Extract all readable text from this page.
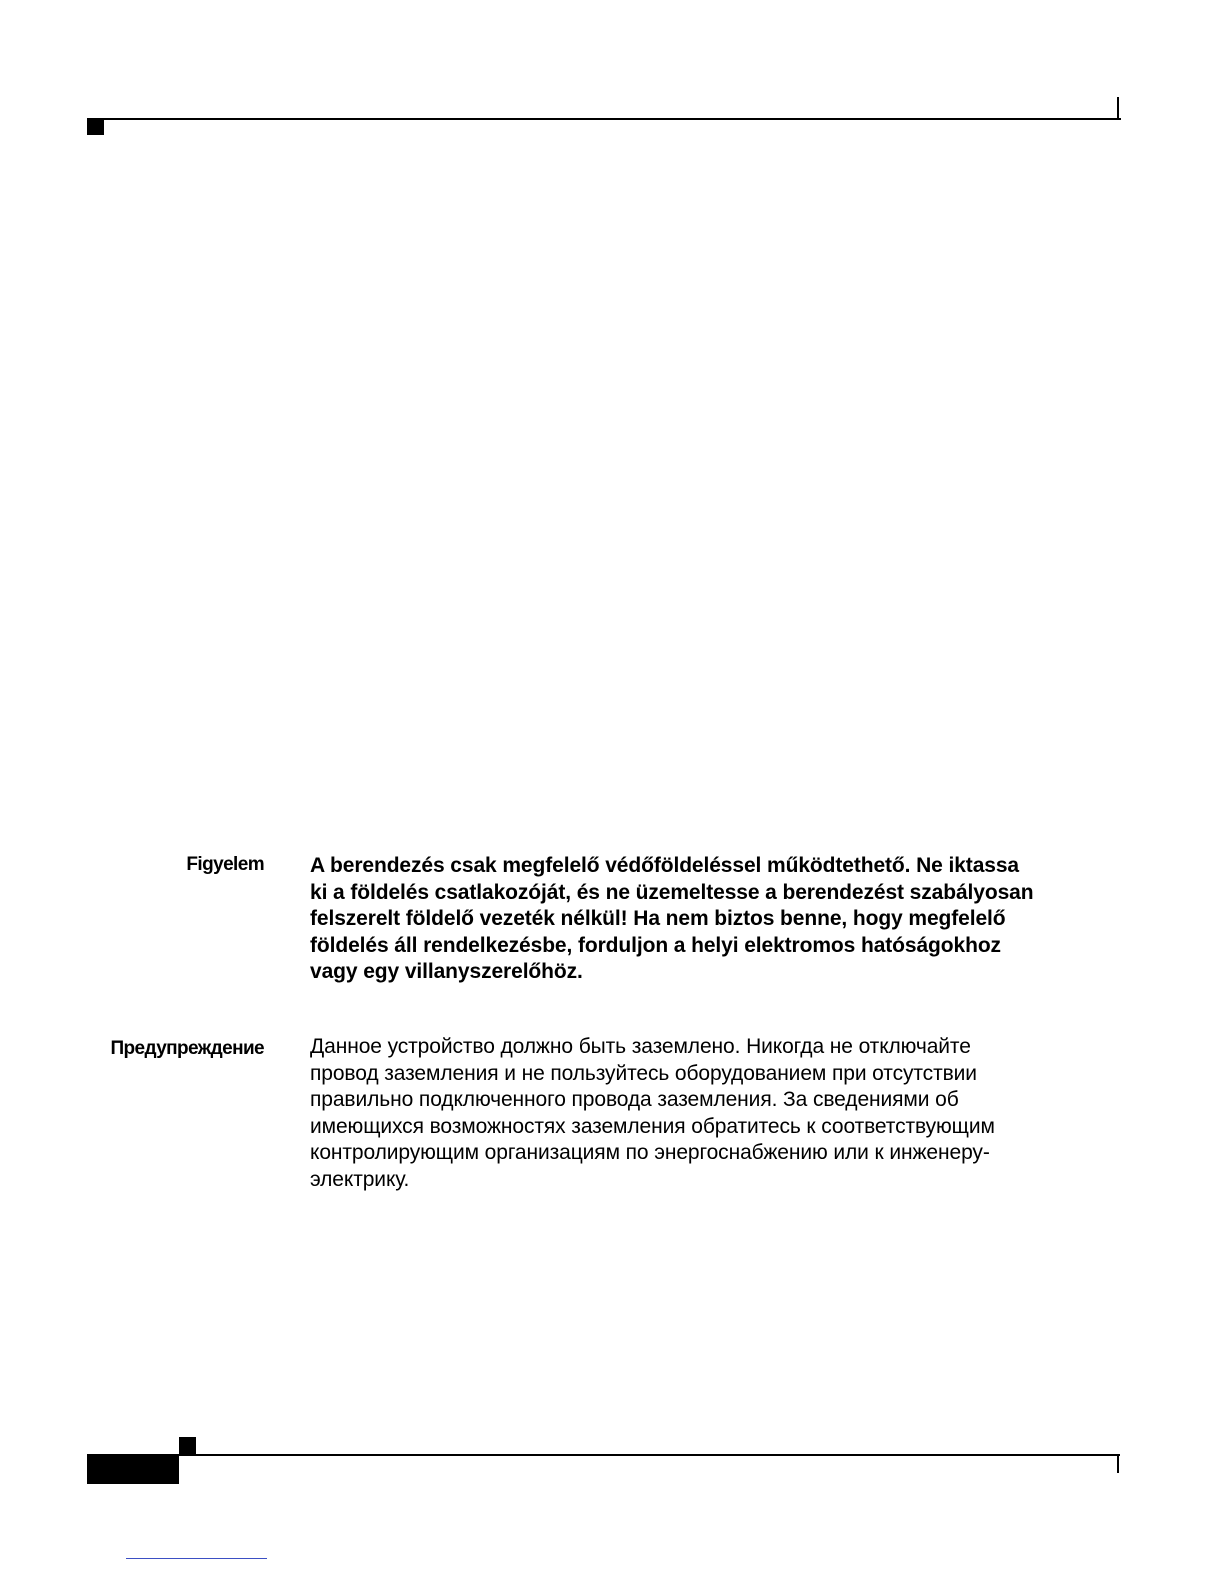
Figyelem A berendezés csak megfelelő védőföldeléssel működtethető. Ne iktassa
ki a földelés csatlakozóját, és ne üzemeltesse a berendezést szabályosan
felszerelt földelő vezeték nélkül! Ha nem biztos benne, hogy megfelelő
földelés áll rendelkezésbe, forduljon a helyi elektromos hatóságokhoz
vagy egy villanyszerelőhöz.
Предупреждение Данное устройство должно быть заземлено. Никогда не отключайте
провод заземления и не пользуйтесь оборудованием при отсутствии
правильно подключенного провода заземления. За сведениями об
имеющихся возможностях заземления обратитесь к соответствующим
контролирующим организациям по энергоснабжению или к инженеру-
электрику.
